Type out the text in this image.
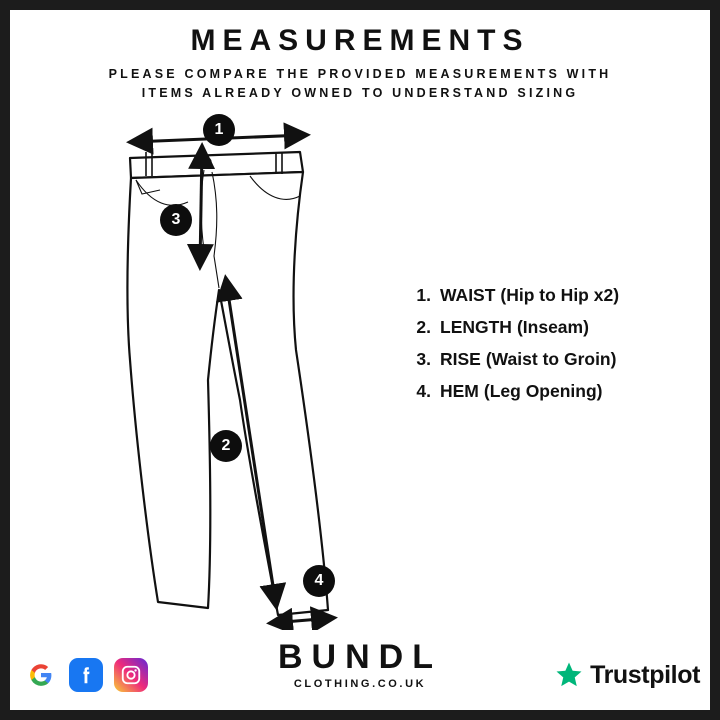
MEASUREMENTS
PLEASE COMPARE THE PROVIDED MEASUREMENTS WITH
ITEMS ALREADY OWNED TO UNDERSTAND SIZING
1
2
3
4
1. WAIST (Hip to Hip x2)
2. LENGTH (Inseam)
3. RISE (Waist to Groin)
4. HEM (Leg Opening)
BUNDL
CLOTHING.CO.UK	Trustpilot
